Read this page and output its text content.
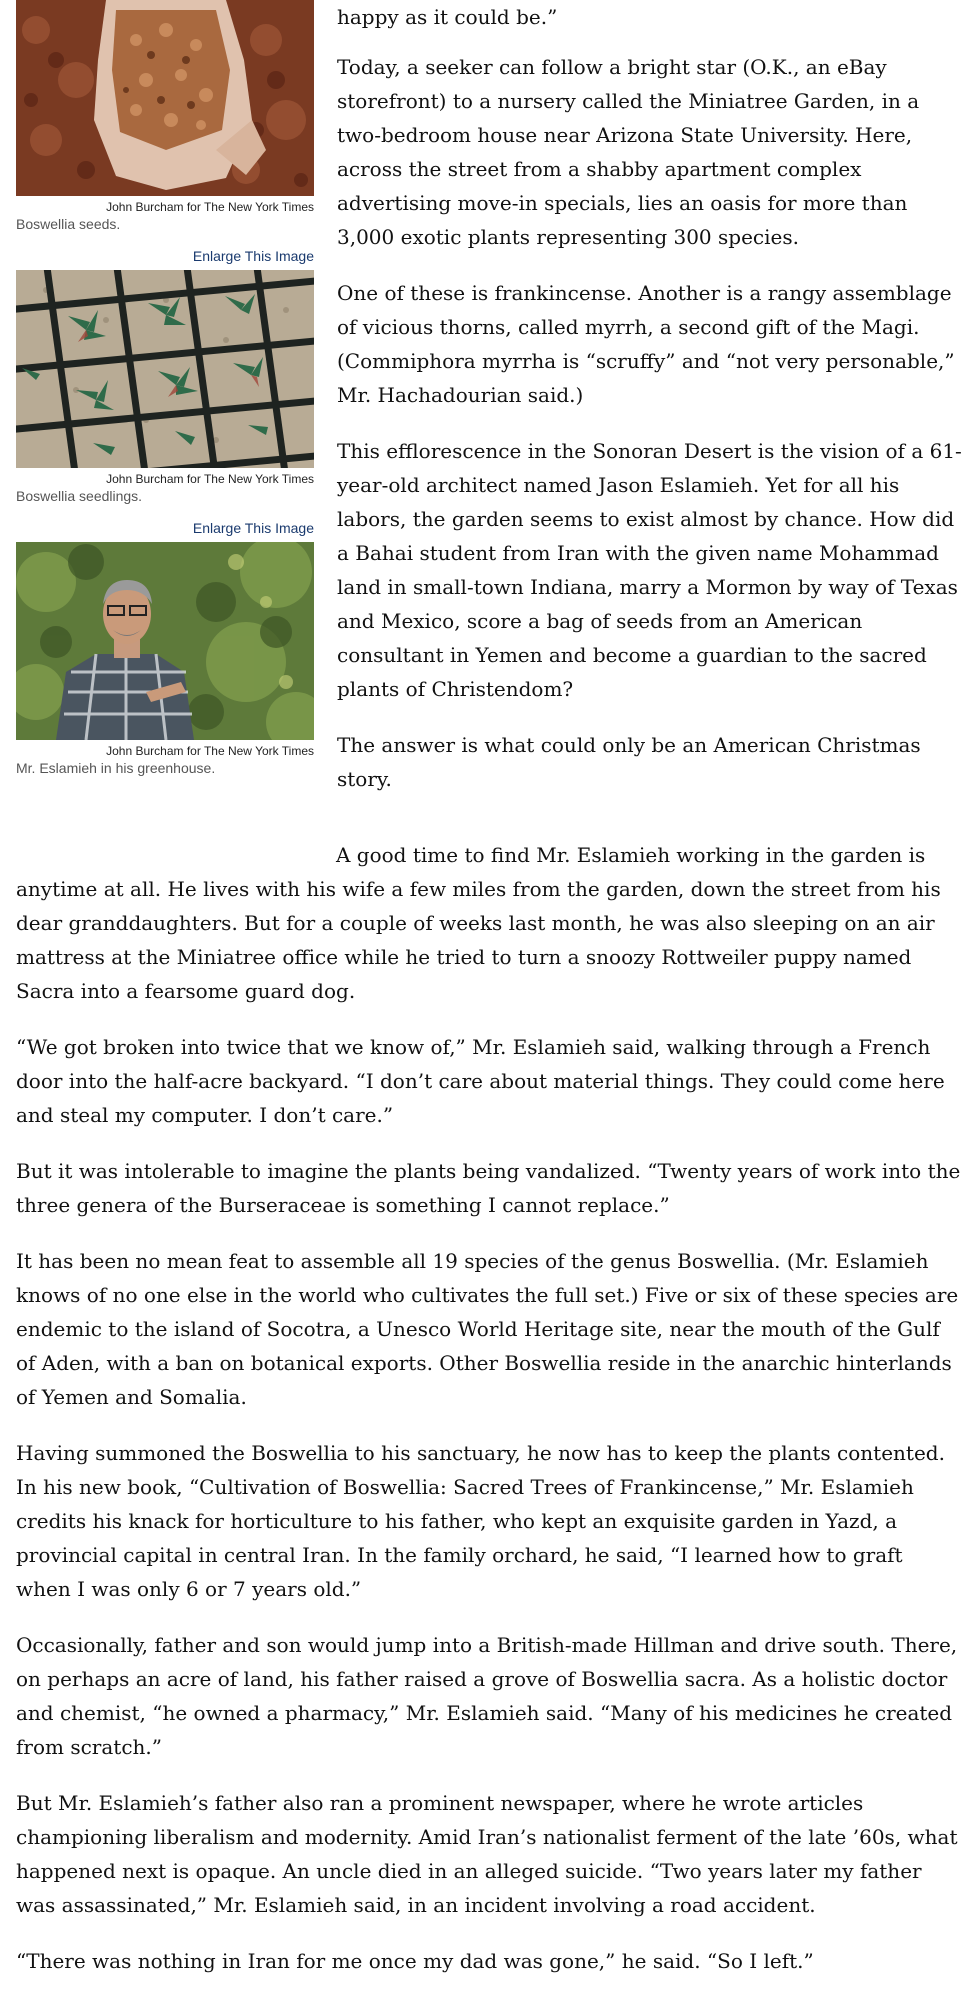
John Burcham for The New York Times
Boswellia seeds.
Enlarge This Image
John Burcham for The New York Times
Boswellia seedlings.
Enlarge This Image
John Burcham for The New York Times
Mr. Eslamieh in his greenhouse.

happy as it could be.”

Today, a seeker can follow a bright star (O.K., an eBay storefront) to a nursery called the Miniatree Garden, in a two-bedroom house near Arizona State University. Here, across the street from a shabby apartment complex advertising move-in specials, lies an oasis for more than 3,000 exotic plants representing 300 species.

One of these is frankincense. Another is a rangy assemblage of vicious thorns, called myrrh, a second gift of the Magi. (Commiphora myrrha is “scruffy” and “not very personable,” Mr. Hachadourian said.)

This efflorescence in the Sonoran Desert is the vision of a 61-year-old architect named Jason Eslamieh. Yet for all his labors, the garden seems to exist almost by chance. How did a Bahai student from Iran with the given name Mohammad land in small-town Indiana, marry a Mormon by way of Texas and Mexico, score a bag of seeds from an American consultant in Yemen and become a guardian to the sacred plants of Christendom?

The answer is what could only be an American Christmas story.

A good time to find Mr. Eslamieh working in the garden is anytime at all. He lives with his wife a few miles from the garden, down the street from his dear granddaughters. But for a couple of weeks last month, he was also sleeping on an air mattress at the Miniatree office while he tried to turn a snoozy Rottweiler puppy named Sacra into a fearsome guard dog.

“We got broken into twice that we know of,” Mr. Eslamieh said, walking through a French door into the half-acre backyard. “I don’t care about material things. They could come here and steal my computer. I don’t care.”

But it was intolerable to imagine the plants being vandalized. “Twenty years of work into the three genera of the Burseraceae is something I cannot replace.”

It has been no mean feat to assemble all 19 species of the genus Boswellia. (Mr. Eslamieh knows of no one else in the world who cultivates the full set.) Five or six of these species are endemic to the island of Socotra, a Unesco World Heritage site, near the mouth of the Gulf of Aden, with a ban on botanical exports. Other Boswellia reside in the anarchic hinterlands of Yemen and Somalia.

Having summoned the Boswellia to his sanctuary, he now has to keep the plants contented. In his new book, “Cultivation of Boswellia: Sacred Trees of Frankincense,” Mr. Eslamieh credits his knack for horticulture to his father, who kept an exquisite garden in Yazd, a provincial capital in central Iran. In the family orchard, he said, “I learned how to graft when I was only 6 or 7 years old.”

Occasionally, father and son would jump into a British-made Hillman and drive south. There, on perhaps an acre of land, his father raised a grove of Boswellia sacra. As a holistic doctor and chemist, “he owned a pharmacy,” Mr. Eslamieh said. “Many of his medicines he created from scratch.”

But Mr. Eslamieh’s father also ran a prominent newspaper, where he wrote articles championing liberalism and modernity. Amid Iran’s nationalist ferment of the late ’60s, what happened next is opaque. An uncle died in an alleged suicide. “Two years later my father was assassinated,” Mr. Eslamieh said, in an incident involving a road accident.

“There was nothing in Iran for me once my dad was gone,” he said. “So I left.”
